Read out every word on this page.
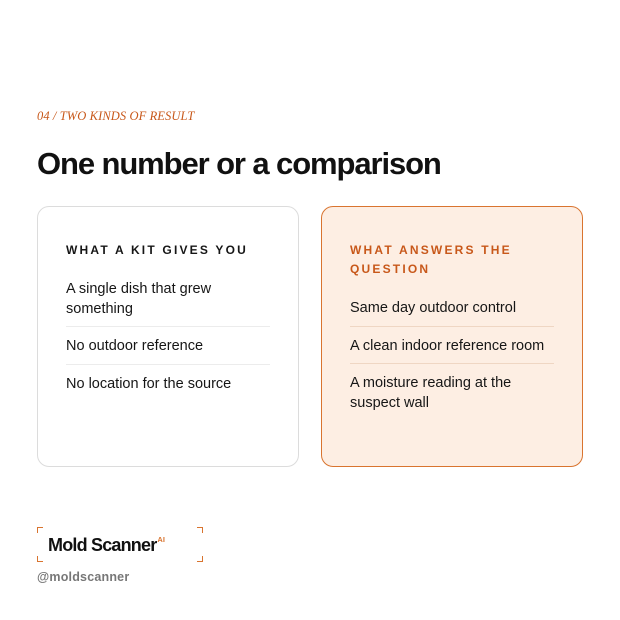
04 / TWO KINDS OF RESULT
One number or a comparison
WHAT A KIT GIVES YOU
A single dish that grew something
No outdoor reference
No location for the source
WHAT ANSWERS THE QUESTION
Same day outdoor control
A clean indoor reference room
A moisture reading at the suspect wall
Mold Scanner$^{AI}$
@moldscanner
